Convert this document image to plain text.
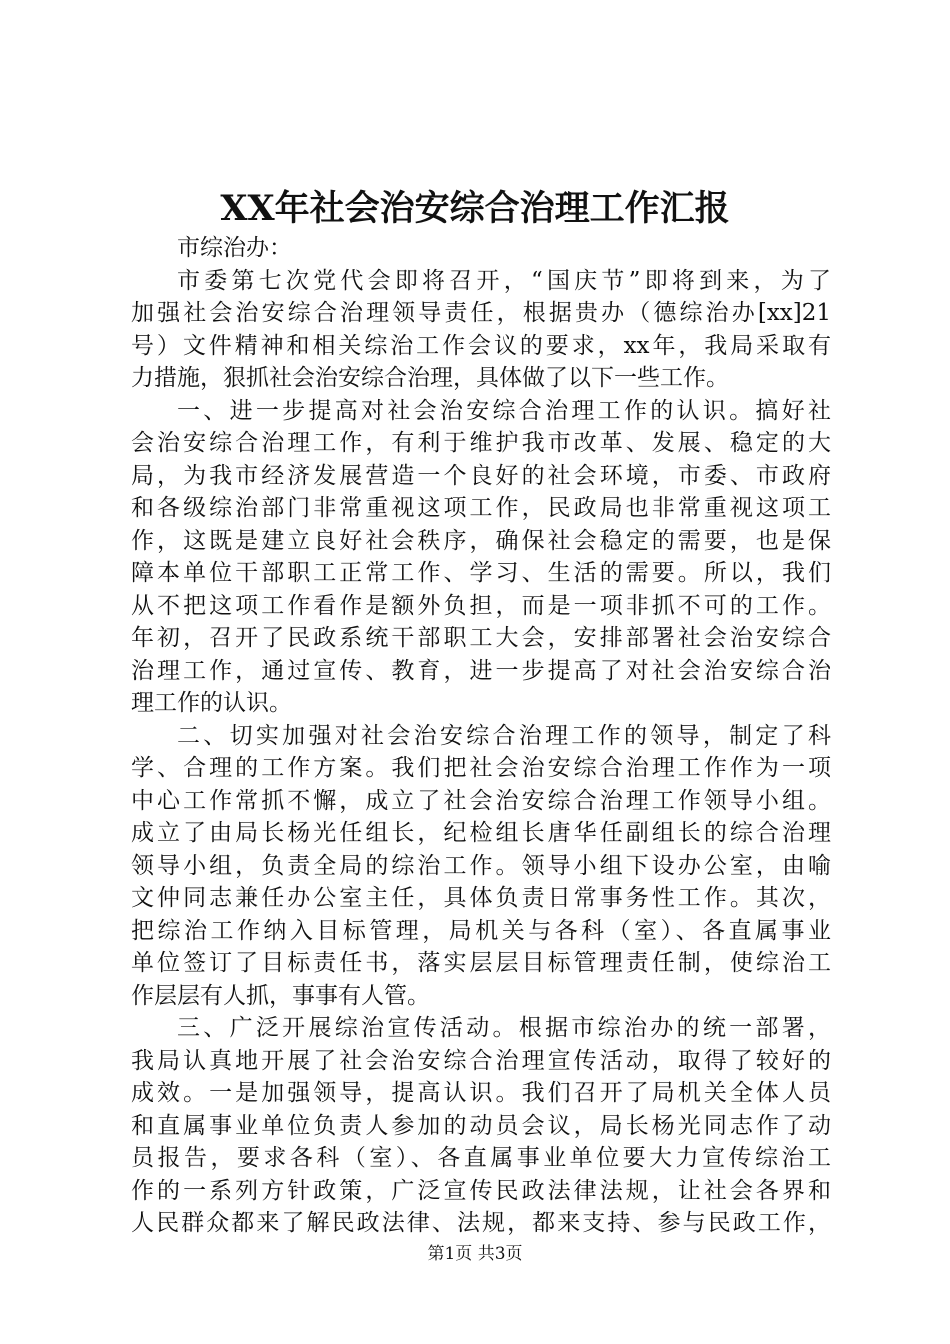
XX年社会治安综合治理工作汇报
市综治办：
市委第七次党代会即将召开，“国庆节”即将到来，为了
加强社会治安综合治理领导责任，根据贵办（德综治办[xx]21
号）文件精神和相关综治工作会议的要求，xx年，我局采取有
力措施，狠抓社会治安综合治理，具体做了以下一些工作。
一、进一步提高对社会治安综合治理工作的认识。搞好社
会治安综合治理工作，有利于维护我市改革、发展、稳定的大
局，为我市经济发展营造一个良好的社会环境，市委、市政府
和各级综治部门非常重视这项工作，民政局也非常重视这项工
作，这既是建立良好社会秩序，确保社会稳定的需要，也是保
障本单位干部职工正常工作、学习、生活的需要。所以，我们
从不把这项工作看作是额外负担，而是一项非抓不可的工作。
年初，召开了民政系统干部职工大会，安排部署社会治安综合
治理工作，通过宣传、教育，进一步提高了对社会治安综合治
理工作的认识。
二、切实加强对社会治安综合治理工作的领导，制定了科
学、合理的工作方案。我们把社会治安综合治理工作作为一项
中心工作常抓不懈，成立了社会治安综合治理工作领导小组。
成立了由局长杨光任组长，纪检组长唐华任副组长的综合治理
领导小组，负责全局的综治工作。领导小组下设办公室，由喻
文仲同志兼任办公室主任，具体负责日常事务性工作。其次，
把综治工作纳入目标管理，局机关与各科（室）、各直属事业
单位签订了目标责任书，落实层层目标管理责任制，使综治工
作层层有人抓，事事有人管。
三、广泛开展综治宣传活动。根据市综治办的统一部署，
我局认真地开展了社会治安综合治理宣传活动，取得了较好的
成效。一是加强领导，提高认识。我们召开了局机关全体人员
和直属事业单位负责人参加的动员会议，局长杨光同志作了动
员报告，要求各科（室）、各直属事业单位要大力宣传综治工
作的一系列方针政策，广泛宣传民政法律法规，让社会各界和
人民群众都来了解民政法律、法规，都来支持、参与民政工作，
第1页 共3页
